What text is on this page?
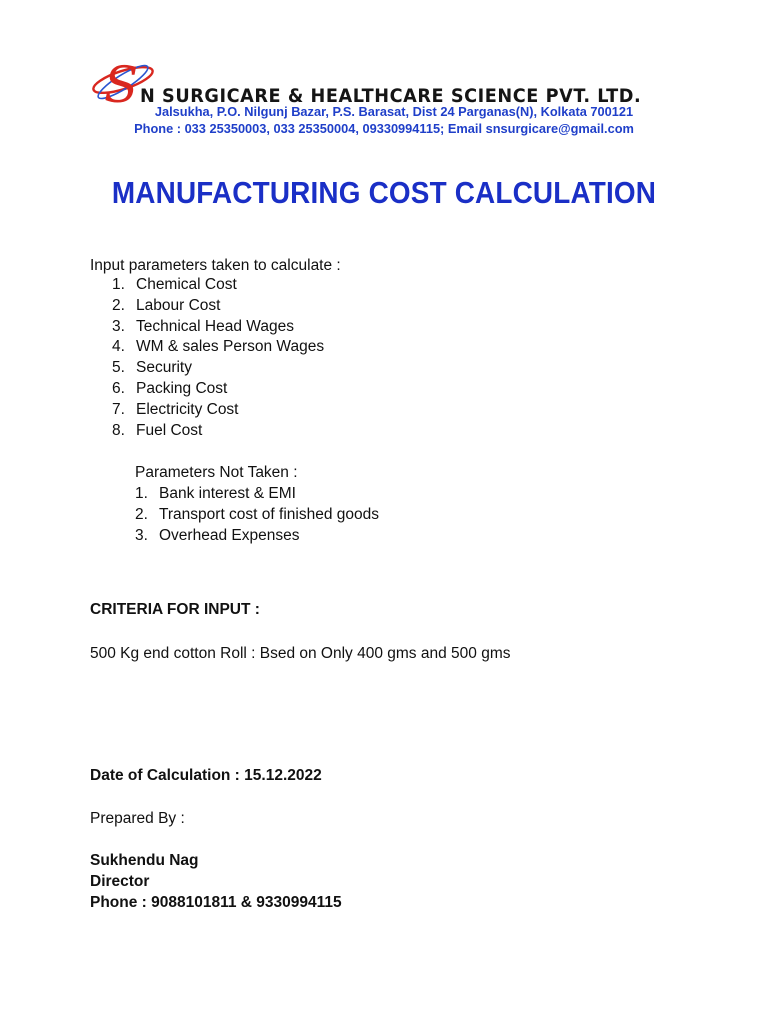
S N SURGICARE & HEALTHCARE SCIENCE PVT. LTD.
Jalsukha, P.O. Nilgunj Bazar, P.S. Barasat, Dist 24 Parganas(N), Kolkata 700121
Phone : 033 25350003, 033 25350004, 09330994115; Email snsurgicare@gmail.com
MANUFACTURING COST CALCULATION
Input parameters taken to calculate :
1. Chemical Cost
2. Labour Cost
3. Technical Head Wages
4. WM & sales Person Wages
5. Security
6. Packing Cost
7. Electricity Cost
8. Fuel Cost
Parameters Not Taken :
1. Bank interest & EMI
2. Transport cost of finished goods
3. Overhead Expenses
CRITERIA FOR INPUT :
500 Kg end cotton Roll : Bsed on Only 400 gms and 500 gms
Date of Calculation : 15.12.2022
Prepared By :
Sukhendu Nag
Director
Phone : 9088101811 & 9330994115
